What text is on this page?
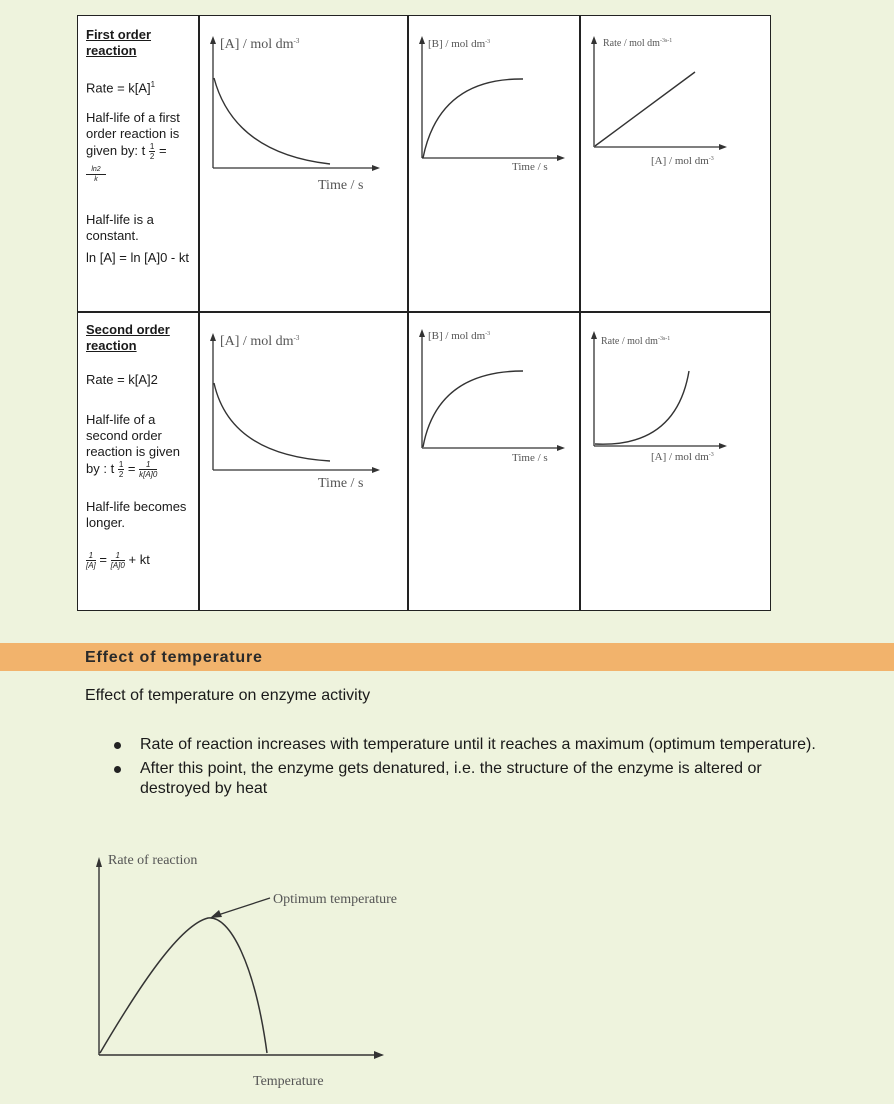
First order reaction
Rate = $k[A]^1$
Half-life of a first order reaction is given by: t $\frac{1}{2}$ =
ln2
k
Half-life is a constant.
ln [A] = ln [A]0 - kt
Second order reaction
Rate = k[A]2
Half-life of a second order reaction is given by : t $\frac{1}{2} = \frac{1}{k[A]0}$
Half-life becomes longer.
$\frac{1}{[A]} = \frac{1}{[A]0}$ + kt
[A] / mol $dm^{-3}$
Time / s
[B] / mol $dm^{-3}$
Time / s
Rate / mol $dm^{-3s-1}$
[A] / mol $dm^{-3}$
[A] / mol $dm^{-3}$
Time / s
[B] / mol $dm^{-3}$
Time / s
Rate / mol $dm^{-3s-1}$
[A] / mol $dm^{-3}$
Effect of temperature
Effect of temperature on enzyme activity
Rate of reaction increases with temperature until it reaches a maximum (optimum temperature).
After this point, the enzyme gets denatured, i.e. the structure of the enzyme is altered or destroyed by heat
Rate of reaction
Optimum temperature
Temperature
